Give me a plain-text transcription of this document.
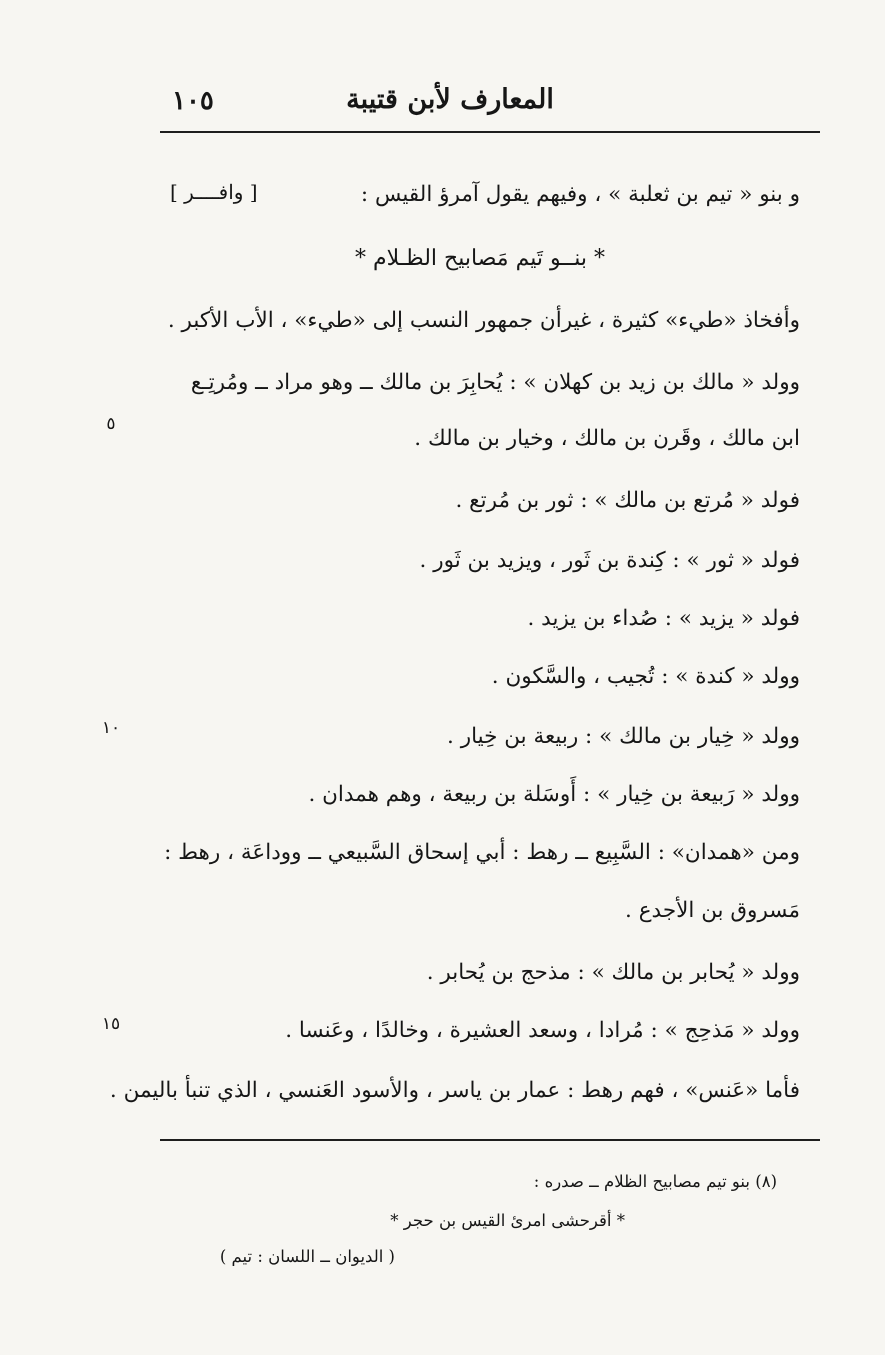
المعارف لأبن قتيبة
١٠٥
و بنو « تيم بن ثعلبة » ، وفيهم يقول آمرؤ القيس :
[ وافــــر ]
* بنــو تَيم مَصابيح الظـلام *
وأفخاذ «طيء» كثيرة ، غيرأن جمهور النسب إلى «طيء» ، الأب الأكبر .
وولد « مالك بن زيد بن كهلان » : يُحابِرَ بن مالك ــ وهو مراد ــ ومُرتِـع
ابن مالك ، وقَرن بن مالك ، وخيار بن مالك .
فولد « مُرتع بن مالك » : ثور بن مُرتع .
فولد « ثور » : كِندة بن ثَور ، ويزيد بن ثَور .
فولد « يزيد » : صُداء بن يزيد .
وولد « كندة » : تُجيب ، والسَّكون .
وولد « خِيار بن مالك » : ربيعة بن خِيار .
وولد « رَبيعة بن خِيار » : أَوسَلة بن ربيعة ، وهم همدان .
ومن «همدان» : السَّبِيع ــ رهط : أبي إسحاق السَّبيعي ــ ووداعَة ، رهط :
مَسروق بن الأجدع .
وولد « يُحابر بن مالك » : مذحج بن يُحابر .
وولد « مَذحِج » : مُرادا ، وسعد العشيرة ، وخالدًا ، وعَنسا .
فأما «عَنس» ، فهم رهط : عمار بن ياسر ، والأسود العَنسي ، الذي تنبأ باليمن .
٥
١٠
١٥
(٨) بنو تيم مصابيح الظلام ــ صدره :
* أقرحشى امرئ القيس بن حجر *
( الديوان ــ اللسان : تيم )
